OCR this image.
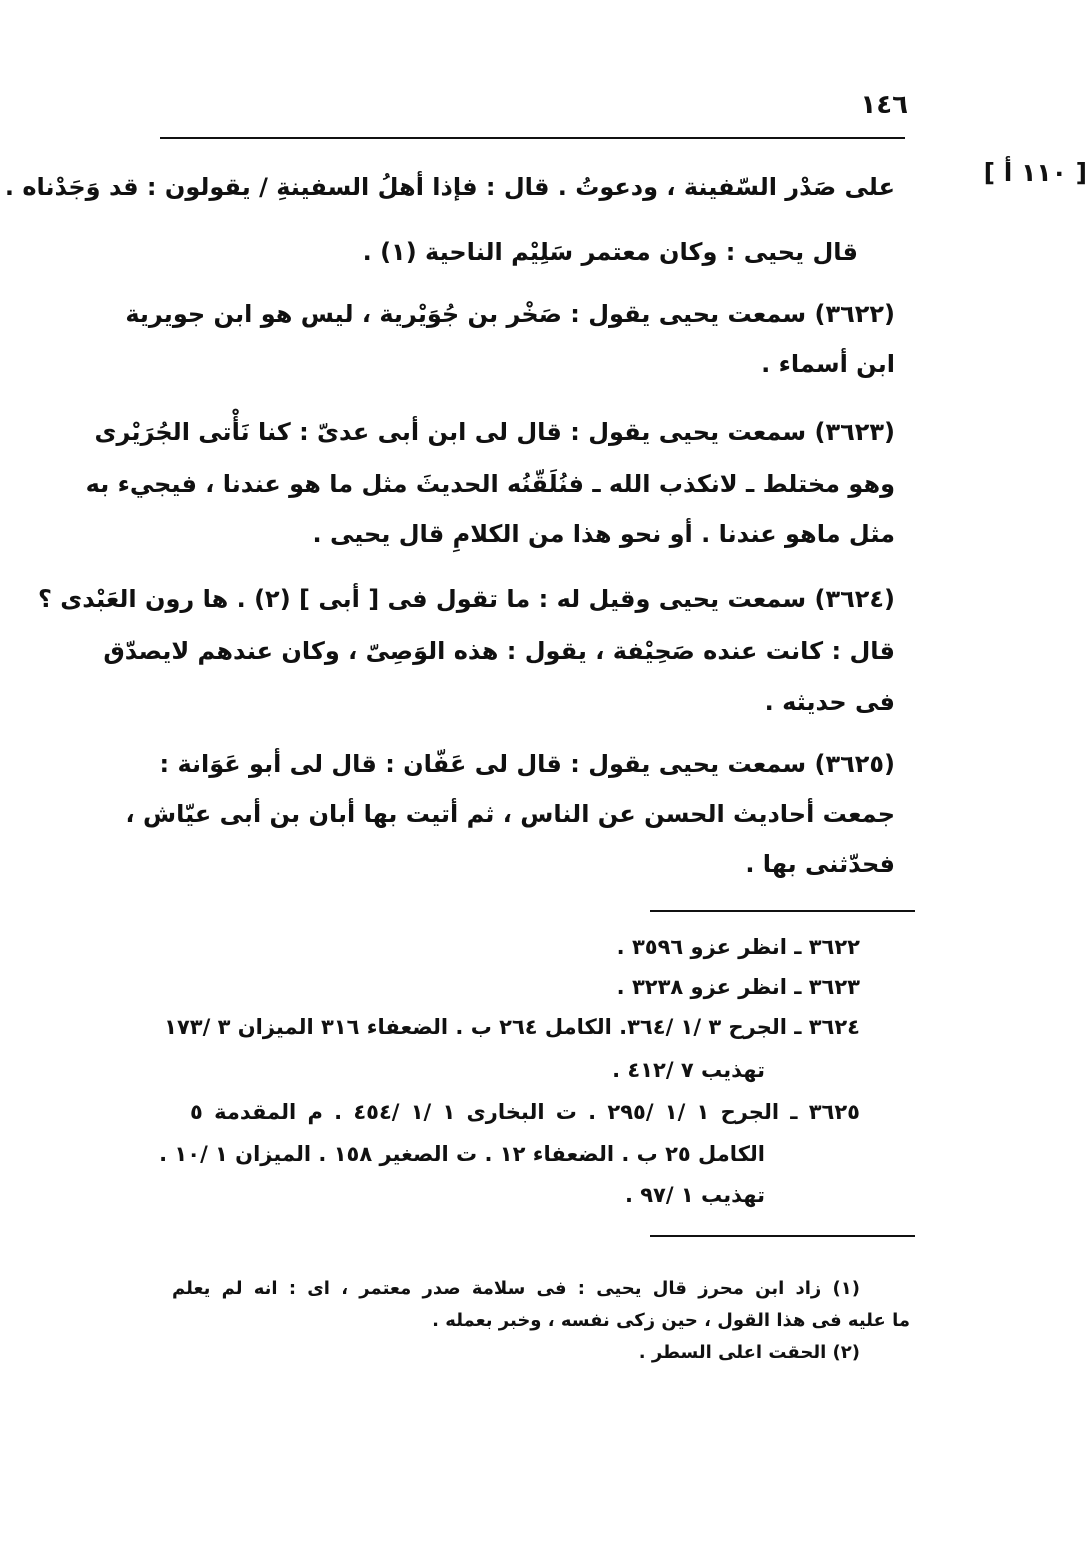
١٤٦
[ ١١٠ أ ]
على صَدْر السّفينة ، ودعوتُ . قال : فإذا أهلُ السفينةِ / يقولون : قد وَجَدْناه .
قال يحيى : وكان معتمر سَلِيْم الناحية (١) .
(٣٦٢٢) سمعت يحيى يقول : صَخْر بن جُوَيْرية ، ليس هو ابن جويرية
ابن أسماء .
(٣٦٢٣) سمعت يحيى يقول : قال لى ابن أبى عدىّ : كنا نَأْتى الجُرَيْرى
وهو مختلط ـ لانكذب الله ـ فنُلَقّنُه الحديثَ مثل ما هو عندنا ، فيجيء به
مثل ماهو عندنا . أو نحو هذا من الكلامِ قال يحيى .
(٣٦٢٤) سمعت يحيى وقيل له : ما تقول فى [ أبى ] (٢) . ها رون العَبْدى ؟
قال : كانت عنده صَحِيْفة ، يقول : هذه الوَصِىّ ، وكان عندهم لايصدّق
فى حديثه .
(٣٦٢٥) سمعت يحيى يقول : قال لى عَفّان : قال لى أبو عَوَانة :
جمعت أحاديث الحسن عن الناس ، ثم أتيت بها أبان بن أبى عيّاش ،
فحدّثنى بها .
٣٦٢٢ ـ انظر عزو ٣٥٩٦ .
٣٦٢٣ ـ انظر عزو ٣٢٣٨ .
٣٦٢٤ ـ الجرح ٣ /١ /٣٦٤. الكامل ٢٦٤ ب . الضعفاء ٣١٦ الميزان ٣ /١٧٣
تهذيب ٧ /٤١٢ .
٣٦٢٥ ـ الجرح ١ /١ /٢٩٥ . ت البخارى ١ /١ /٤٥٤ . م المقدمة ٥
الكامل ٢٥ ب . الضعفاء ١٢ . ت الصغير ١٥٨ . الميزان ١ /١٠ .
تهذيب ١ /٩٧ .
(١) زاد ابن محرز قال يحيى : فى سلامة صدر معتمر ، اى : انه لم يعلم
ما عليه فى هذا القول ، حين زكى نفسه ، وخبر بعمله .
(٢) الحقت اعلى السطر .
